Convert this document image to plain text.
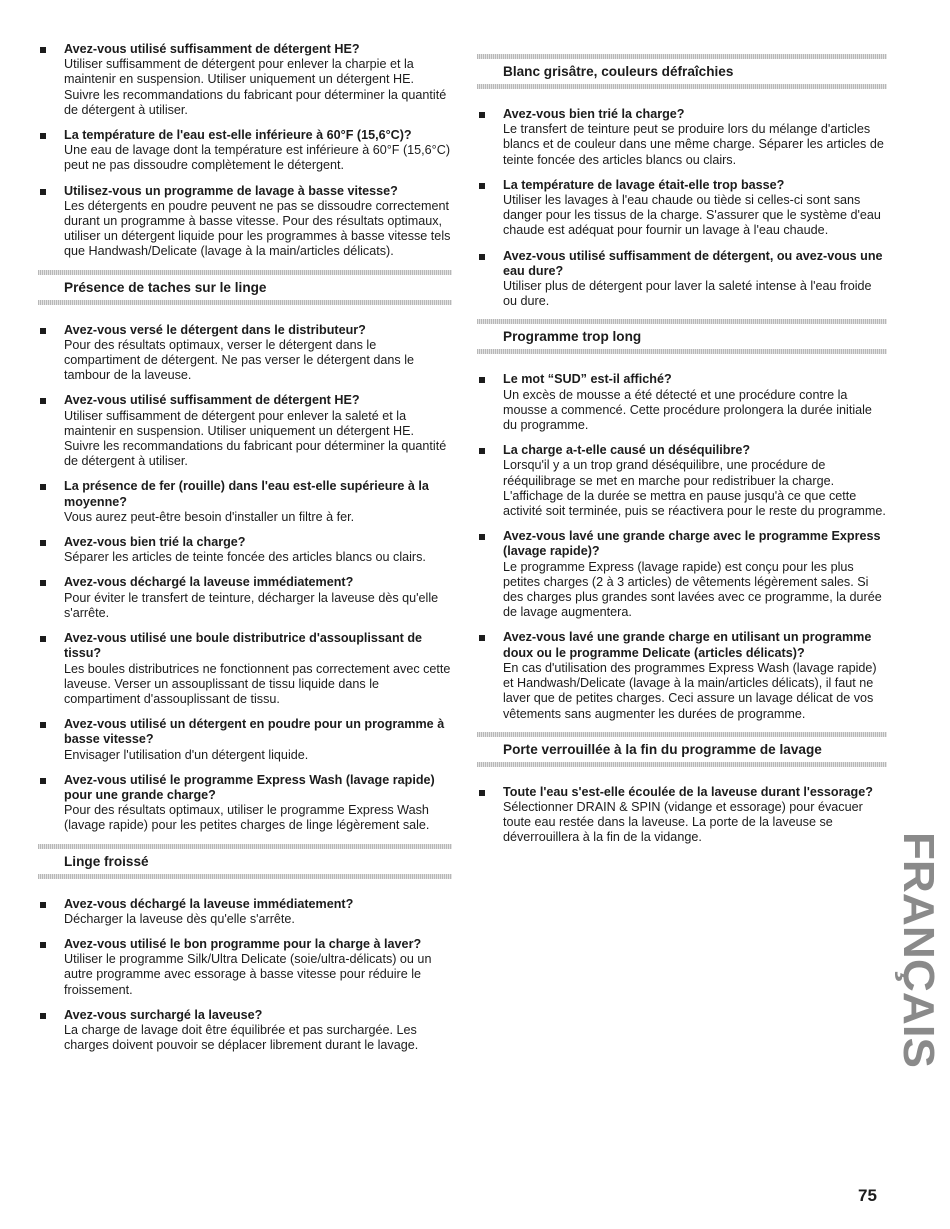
Avez-vous utilisé suffisamment de détergent HE?
Utiliser suffisamment de détergent pour enlever la charpie et la maintenir en suspension. Utiliser uniquement un détergent HE. Suivre les recommandations du fabricant pour déterminer la quantité de détergent à utiliser.
La température de l'eau est-elle inférieure à 60°F (15,6°C)?
Une eau de lavage dont la température est inférieure à 60°F (15,6°C) peut ne pas dissoudre complètement le détergent.
Utilisez-vous un programme de lavage à basse vitesse?
Les détergents en poudre peuvent ne pas se dissoudre correctement durant un programme à basse vitesse. Pour des résultats optimaux, utiliser un détergent liquide pour les programmes à basse vitesse tels que Handwash/Delicate (lavage à la main/articles délicats).
Présence de taches sur le linge
Avez-vous versé le détergent dans le distributeur?
Pour des résultats optimaux, verser le détergent dans le compartiment de détergent. Ne pas verser le détergent dans le tambour de la laveuse.
Avez-vous utilisé suffisamment de détergent HE?
Utiliser suffisamment de détergent pour enlever la saleté et la maintenir en suspension. Utiliser uniquement un détergent HE. Suivre les recommandations du fabricant pour déterminer la quantité de détergent à utiliser.
La présence de fer (rouille) dans l'eau est-elle supérieure à la moyenne?
Vous aurez peut-être besoin d'installer un filtre à fer.
Avez-vous bien trié la charge?
Séparer les articles de teinte foncée des articles blancs ou clairs.
Avez-vous déchargé la laveuse immédiatement?
Pour éviter le transfert de teinture, décharger la laveuse dès qu'elle s'arrête.
Avez-vous utilisé une boule distributrice d'assouplissant de tissu?
Les boules distributrices ne fonctionnent pas correctement avec cette laveuse. Verser un assouplissant de tissu liquide dans le compartiment d'assouplissant de tissu.
Avez-vous utilisé un détergent en poudre pour un programme à basse vitesse?
Envisager l'utilisation d'un détergent liquide.
Avez-vous utilisé le programme Express Wash (lavage rapide) pour une grande charge?
Pour des résultats optimaux, utiliser le programme Express Wash (lavage rapide) pour les petites charges de linge légèrement sale.
Linge froissé
Avez-vous déchargé la laveuse immédiatement?
Décharger la laveuse dès qu'elle s'arrête.
Avez-vous utilisé le bon programme pour la charge à laver?
Utiliser le programme Silk/Ultra Delicate (soie/ultra-délicats) ou un autre programme avec essorage à basse vitesse pour réduire le froissement.
Avez-vous surchargé la laveuse?
La charge de lavage doit être équilibrée et pas surchargée. Les charges doivent pouvoir se déplacer librement durant le lavage.
Blanc grisâtre, couleurs défraîchies
Avez-vous bien trié la charge?
Le transfert de teinture peut se produire lors du mélange d'articles blancs et de couleur dans une même charge. Séparer les articles de teinte foncée des articles blancs ou clairs.
La température de lavage était-elle trop basse?
Utiliser les lavages à l'eau chaude ou tiède si celles-ci sont sans danger pour les tissus de la charge. S'assurer que le système d'eau chaude est adéquat pour fournir un lavage à l'eau chaude.
Avez-vous utilisé suffisamment de détergent, ou avez-vous une eau dure?
Utiliser plus de détergent pour laver la saleté intense à l'eau froide ou dure.
Programme trop long
Le mot “SUD” est-il affiché?
Un excès de mousse a été détecté et une procédure contre la mousse a commencé. Cette procédure prolongera la durée initiale du programme.
La charge a-t-elle causé un déséquilibre?
Lorsqu'il y a un trop grand déséquilibre, une procédure de rééquilibrage se met en marche pour redistribuer la charge. L'affichage de la durée se mettra en pause jusqu'à ce que cette activité soit terminée, puis se réactivera pour le reste du programme.
Avez-vous lavé une grande charge avec le programme Express (lavage rapide)?
Le programme Express (lavage rapide) est conçu pour les plus petites charges (2 à 3 articles) de vêtements légèrement sales. Si des charges plus grandes sont lavées avec ce programme, la durée de lavage augmentera.
Avez-vous lavé une grande charge en utilisant un programme doux ou le programme Delicate (articles délicats)?
En cas d'utilisation des programmes Express Wash (lavage rapide) et Handwash/Delicate (lavage à la main/articles délicats), il faut ne laver que de petites charges. Ceci assure un lavage délicat de vos vêtements sans augmenter les durées de programme.
Porte verrouillée à la fin du programme de lavage
Toute l'eau s'est-elle écoulée de la laveuse durant l'essorage?
Sélectionner DRAIN & SPIN (vidange et essorage) pour évacuer toute eau restée dans la laveuse. La porte de la laveuse se déverrouillera à la fin de la vidange.	FRANÇAIS
75
